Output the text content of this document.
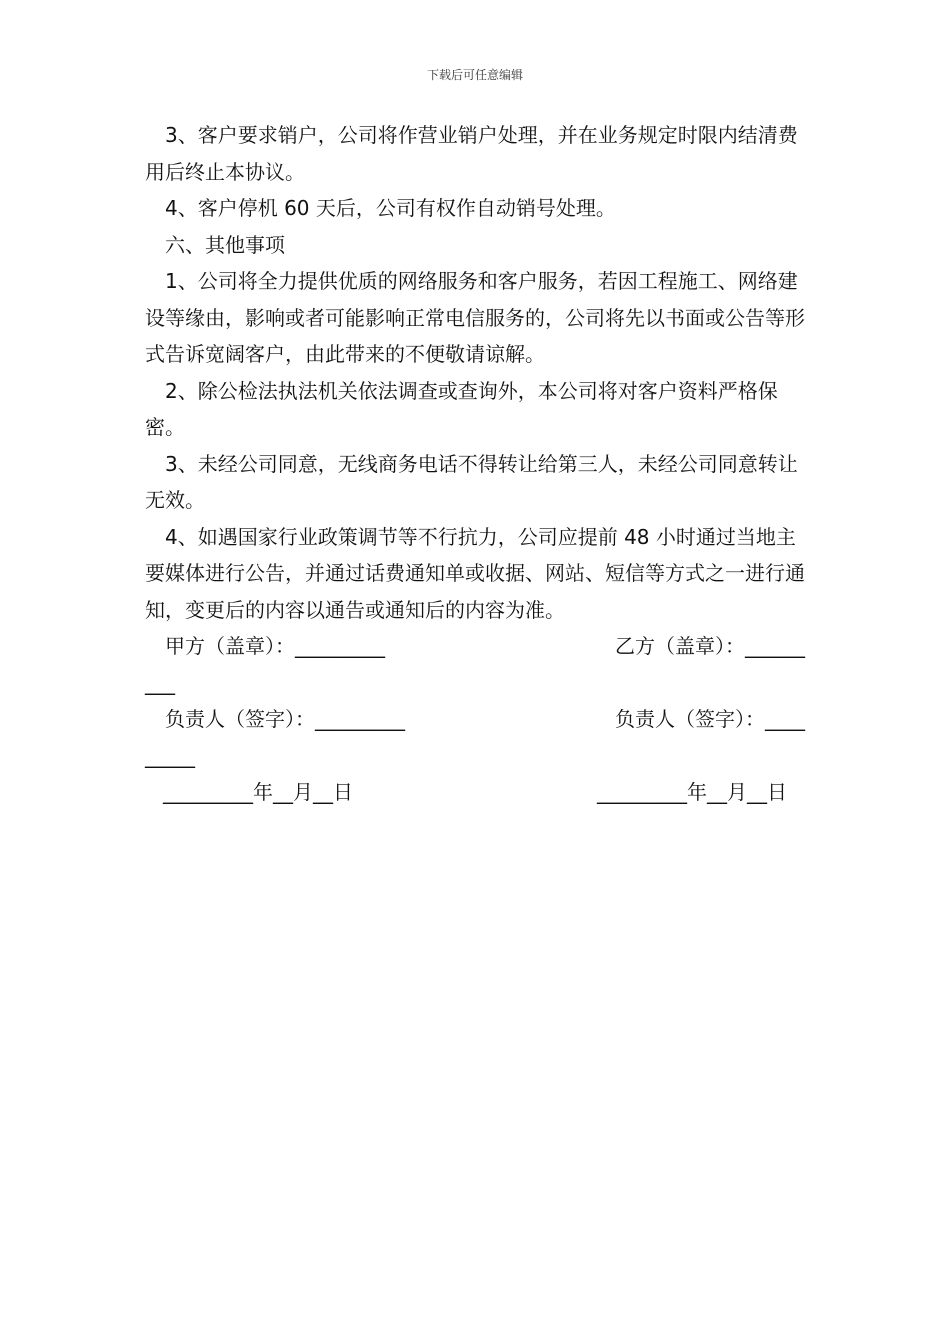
下载后可任意编辑

3、客户要求销户，公司将作营业销户处理，并在业务规定时限内结清费用后终止本协议。

4、客户停机 60 天后，公司有权作自动销号处理。

六、其他事项

1、公司将全力提供优质的网络服务和客户服务，若因工程施工、网络建设等缘由，影响或者可能影响正常电信服务的，公司将先以书面或公告等形式告诉宽阔客户，由此带来的不便敬请谅解。

2、除公检法执法机关依法调查或查询外，本公司将对客户资料严格保密。

3、未经公司同意，无线商务电话不得转让给第三人，未经公司同意转让无效。

4、如遇国家行业政策调节等不行抗力，公司应提前 48 小时通过当地主要媒体进行公告，并通过话费通知单或收据、网站、短信等方式之一进行通知，变更后的内容以通告或通知后的内容为准。

甲方（盖章）：_________	乙方（盖章）：______

___

负责人（签字）：_________	负责人（签字）：____

_____

_________年__月__日	_________年__月__日
